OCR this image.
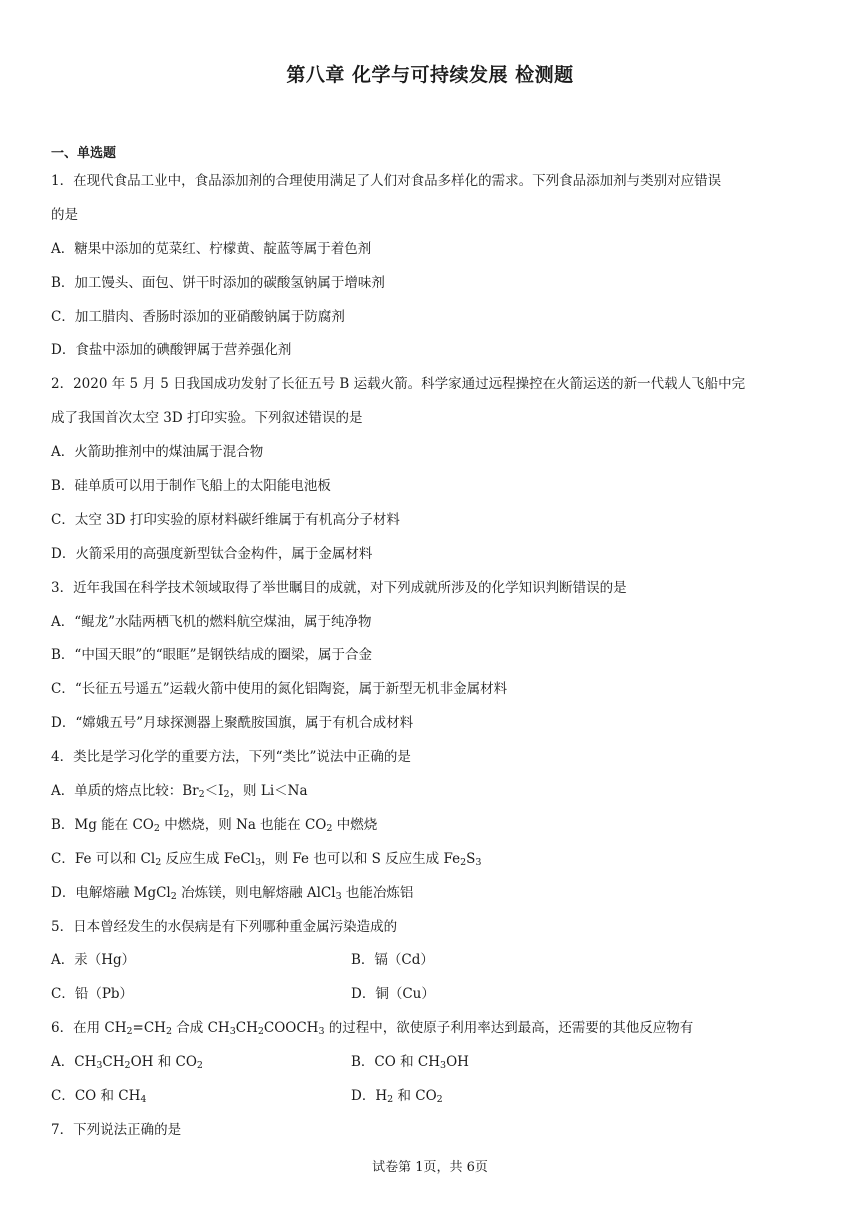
第八章 化学与可持续发展 检测题
一、单选题
1．在现代食品工业中，食品添加剂的合理使用满足了人们对食品多样化的需求。下列食品添加剂与类别对应错误
的是
A．糖果中添加的苋菜红、柠檬黄、靛蓝等属于着色剂
B．加工馒头、面包、饼干时添加的碳酸氢钠属于增味剂
C．加工腊肉、香肠时添加的亚硝酸钠属于防腐剂
D．食盐中添加的碘酸钾属于营养强化剂
2．2020 年 5 月 5 日我国成功发射了长征五号 B 运载火箭。科学家通过远程操控在火箭运送的新一代载人飞船中完
成了我国首次太空 3D 打印实验。下列叙述错误的是
A．火箭助推剂中的煤油属于混合物
B．硅单质可以用于制作飞船上的太阳能电池板
C．太空 3D 打印实验的原材料碳纤维属于有机高分子材料
D．火箭采用的高强度新型钛合金构件，属于金属材料
3．近年我国在科学技术领域取得了举世瞩目的成就，对下列成就所涉及的化学知识判断错误的是
A．“鲲龙”水陆两栖飞机的燃料航空煤油，属于纯净物
B．“中国天眼”的“眼眶”是钢铁结成的圈梁，属于合金
C．“长征五号遥五”运载火箭中使用的氮化铝陶瓷，属于新型无机非金属材料
D．“嫦娥五号”月球探测器上聚酰胺国旗，属于有机合成材料
4．类比是学习化学的重要方法，下列“类比”说法中正确的是
A．单质的熔点比较：$Br_2<I_2$，则 Li＜Na
B．Mg 能在 $CO_2$ 中燃烧，则 Na 也能在 $CO_2$ 中燃烧
C．Fe 可以和 $Cl_2$ 反应生成 FeCl$_3$，则 Fe 也可以和 S 反应生成 $Fe_2S_3$
D．电解熔融 MgCl$_2$ 冶炼镁，则电解熔融 AlCl$_3$ 也能冶炼铝
5．日本曾经发生的水俣病是有下列哪种重金属污染造成的
A．汞（Hg）	B．镉（Cd）
C．铅（Pb）	D．铜（Cu）
6．在用 $CH_2=CH_2$ 合成 $CH_3CH_2COOCH_3$ 的过程中，欲使原子利用率达到最高，还需要的其他反应物有
A．$CH_3CH_2OH$ 和 $CO_2$	B．CO 和 $CH_3OH$
C．CO 和 $CH_4$	D．$H_2$ 和 $CO_2$
7．下列说法正确的是
试卷第 1页，共 6页
